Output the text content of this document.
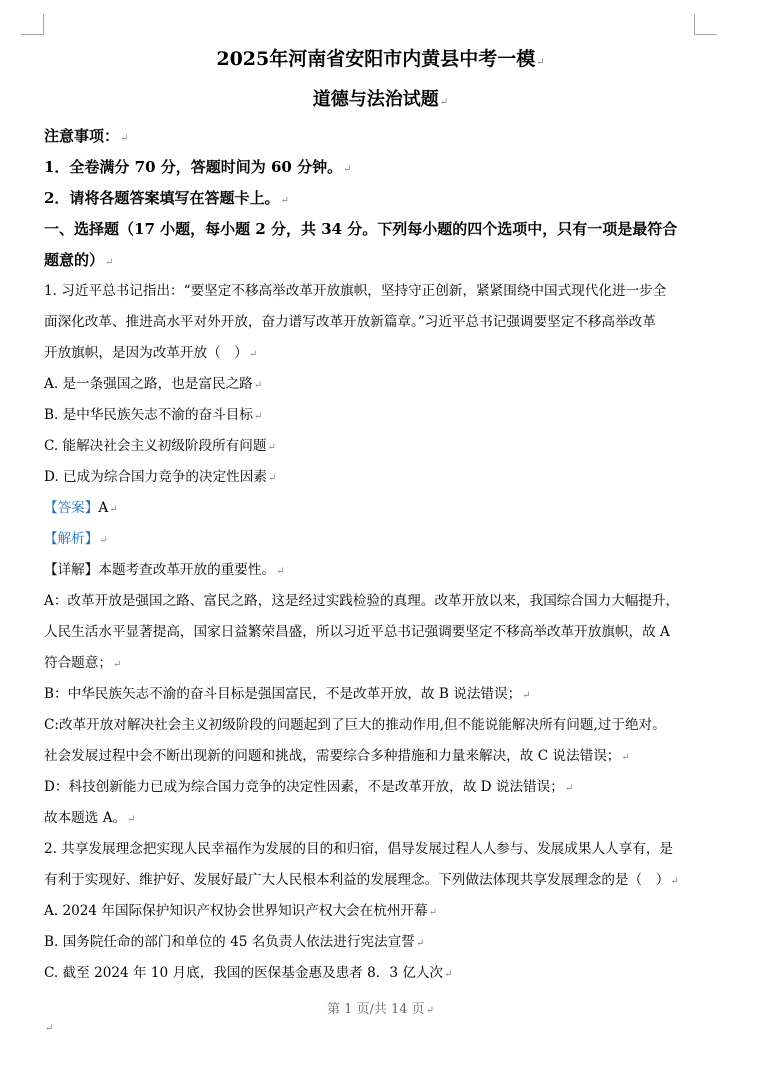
2025年河南省安阳市内黄县中考一模↵
道德与法治试题↵
注意事项：↵
1．全卷满分 70 分，答题时间为 60 分钟。↵
2．请将各题答案填写在答题卡上。↵
一、选择题（17 小题，每小题 2 分，共 34 分。下列每小题的四个选项中，只有一项是最符合
题意的）↵
1. 习近平总书记指出：“要坚定不移高举改革开放旗帜，坚持守正创新，紧紧围绕中国式现代化进一步全
面深化改革、推进高水平对外开放，奋力谱写改革开放新篇章。”习近平总书记强调要坚定不移高举改革
开放旗帜，是因为改革开放（　）↵
A. 是一条强国之路，也是富民之路↵
B. 是中华民族矢志不渝的奋斗目标↵
C. 能解决社会主义初级阶段所有问题↵
D. 已成为综合国力竞争的决定性因素↵
【答案】A↵
【解析】↵
【详解】本题考查改革开放的重要性。↵
A：改革开放是强国之路、富民之路，这是经过实践检验的真理。改革开放以来，我国综合国力大幅提升，
人民生活水平显著提高，国家日益繁荣昌盛，所以习近平总书记强调要坚定不移高举改革开放旗帜，故 A
符合题意；↵
B：中华民族矢志不渝的奋斗目标是强国富民，不是改革开放，故 B 说法错误；↵
C:改革开放对解决社会主义初级阶段的问题起到了巨大的推动作用,但不能说能解决所有问题,过于绝对。
社会发展过程中会不断出现新的问题和挑战，需要综合多种措施和力量来解决，故 C 说法错误；↵
D：科技创新能力已成为综合国力竞争的决定性因素，不是改革开放，故 D 说法错误；↵
故本题选 A。↵
2. 共享发展理念把实现人民幸福作为发展的目的和归宿，倡导发展过程人人参与、发展成果人人享有，是
有利于实现好、维护好、发展好最广大人民根本利益的发展理念。下列做法体现共享发展理念的是（　）↵
A. 2024 年国际保护知识产权协会世界知识产权大会在杭州开幕↵
B. 国务院任命的部门和单位的 45 名负责人依法进行宪法宣誓↵
C. 截至 2024 年 10 月底，我国的医保基金惠及患者 8．3 亿人次↵
第 1 页/共 14 页↵
↵
